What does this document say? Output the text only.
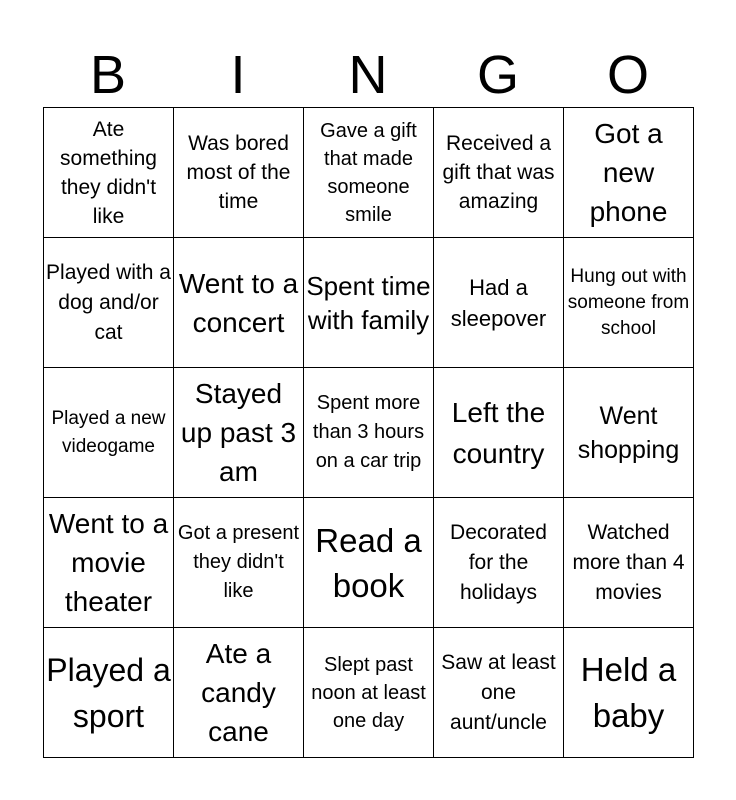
B	I	N	G	O
Ate something they didn't like	Was bored most of the time	Gave a gift that made someone smile	Received a gift that was amazing	Got a new phone

Played with a dog and/or cat	Went to a concert	Spent time with family	Had a sleepover	Hung out with someone from school

Played a new videogame	Stayed up past 3 am	Spent more than 3 hours on a car trip	Left the country	Went shopping

Went to a movie theater	Got a present they didn't like	Read a book	Decorated for the holidays	Watched more than 4 movies

Played a sport	Ate a candy cane	Slept past noon at least one day	Saw at least one aunt/uncle	Held a baby
